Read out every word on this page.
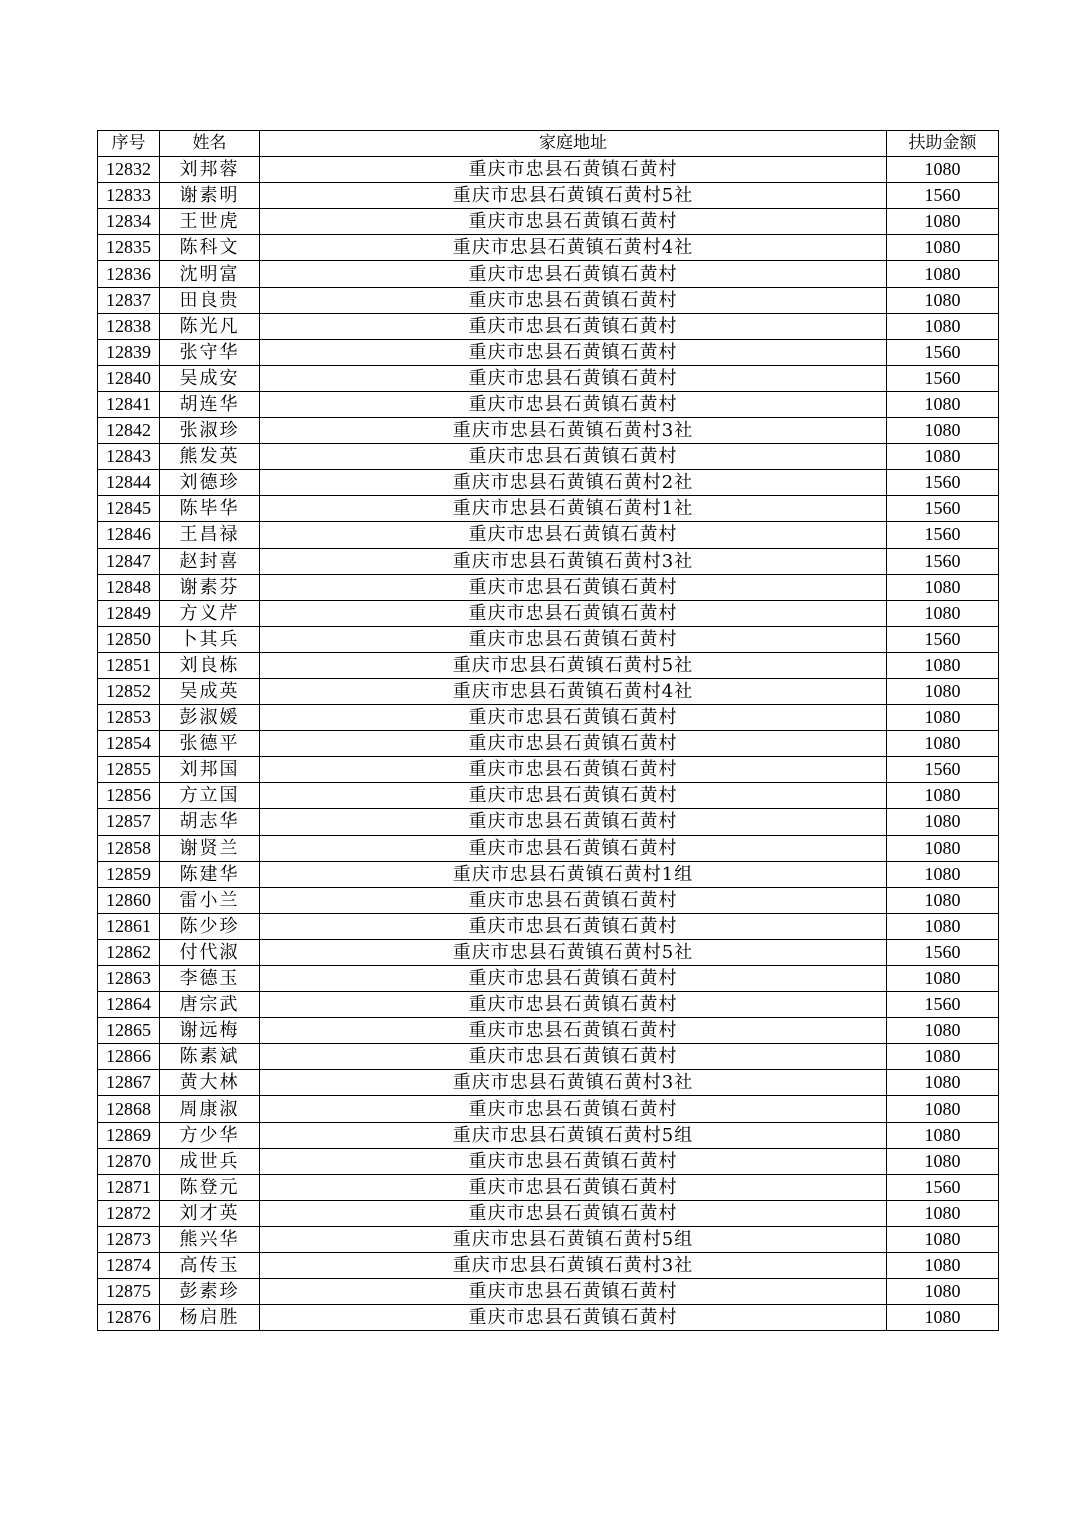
序号	姓名	家庭地址	扶助金额
12832	刘邦蓉	重庆市忠县石黄镇石黄村	1080
12833	谢素明	重庆市忠县石黄镇石黄村5社	1560
12834	王世虎	重庆市忠县石黄镇石黄村	1080
12835	陈科文	重庆市忠县石黄镇石黄村4社	1080
12836	沈明富	重庆市忠县石黄镇石黄村	1080
12837	田良贵	重庆市忠县石黄镇石黄村	1080
12838	陈光凡	重庆市忠县石黄镇石黄村	1080
12839	张守华	重庆市忠县石黄镇石黄村	1560
12840	吴成安	重庆市忠县石黄镇石黄村	1560
12841	胡连华	重庆市忠县石黄镇石黄村	1080
12842	张淑珍	重庆市忠县石黄镇石黄村3社	1080
12843	熊发英	重庆市忠县石黄镇石黄村	1080
12844	刘德珍	重庆市忠县石黄镇石黄村2社	1560
12845	陈毕华	重庆市忠县石黄镇石黄村1社	1560
12846	王昌禄	重庆市忠县石黄镇石黄村	1560
12847	赵封喜	重庆市忠县石黄镇石黄村3社	1560
12848	谢素芬	重庆市忠县石黄镇石黄村	1080
12849	方义芹	重庆市忠县石黄镇石黄村	1080
12850	卜其兵	重庆市忠县石黄镇石黄村	1560
12851	刘良栋	重庆市忠县石黄镇石黄村5社	1080
12852	吴成英	重庆市忠县石黄镇石黄村4社	1080
12853	彭淑媛	重庆市忠县石黄镇石黄村	1080
12854	张德平	重庆市忠县石黄镇石黄村	1080
12855	刘邦国	重庆市忠县石黄镇石黄村	1560
12856	方立国	重庆市忠县石黄镇石黄村	1080
12857	胡志华	重庆市忠县石黄镇石黄村	1080
12858	谢贤兰	重庆市忠县石黄镇石黄村	1080
12859	陈建华	重庆市忠县石黄镇石黄村1组	1080
12860	雷小兰	重庆市忠县石黄镇石黄村	1080
12861	陈少珍	重庆市忠县石黄镇石黄村	1080
12862	付代淑	重庆市忠县石黄镇石黄村5社	1560
12863	李德玉	重庆市忠县石黄镇石黄村	1080
12864	唐宗武	重庆市忠县石黄镇石黄村	1560
12865	谢远梅	重庆市忠县石黄镇石黄村	1080
12866	陈素斌	重庆市忠县石黄镇石黄村	1080
12867	黄大林	重庆市忠县石黄镇石黄村3社	1080
12868	周康淑	重庆市忠县石黄镇石黄村	1080
12869	方少华	重庆市忠县石黄镇石黄村5组	1080
12870	成世兵	重庆市忠县石黄镇石黄村	1080
12871	陈登元	重庆市忠县石黄镇石黄村	1560
12872	刘才英	重庆市忠县石黄镇石黄村	1080
12873	熊兴华	重庆市忠县石黄镇石黄村5组	1080
12874	高传玉	重庆市忠县石黄镇石黄村3社	1080
12875	彭素珍	重庆市忠县石黄镇石黄村	1080
12876	杨启胜	重庆市忠县石黄镇石黄村	1080
